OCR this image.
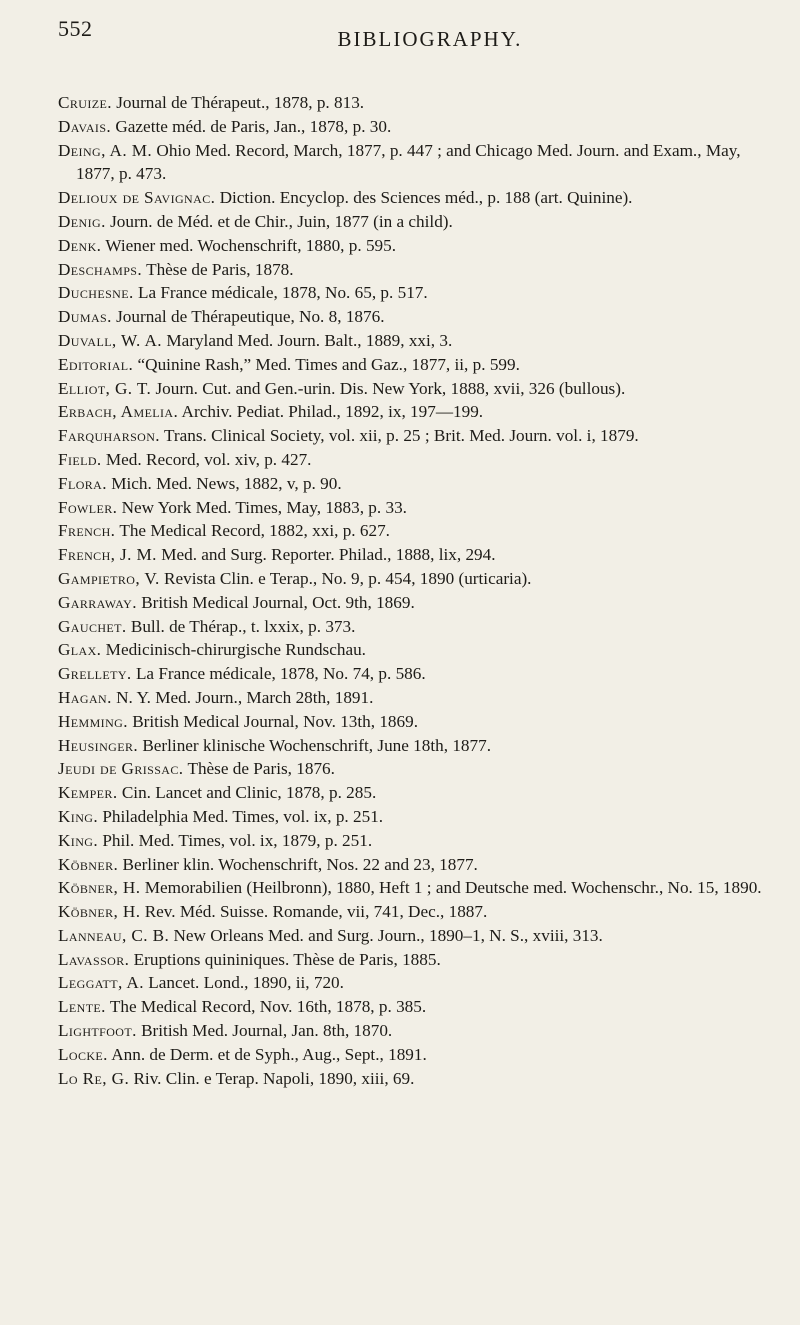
552	BIBLIOGRAPHY.
Cruize. Journal de Thérapeut., 1878, p. 813.
Davais. Gazette méd. de Paris, Jan., 1878, p. 30.
Deing, A. M. Ohio Med. Record, March, 1877, p. 447 ; and Chicago Med. Journ. and Exam., May, 1877, p. 473.
Delioux de Savignac. Diction. Encyclop. des Sciences méd., p. 188 (art. Quinine).
Denig. Journ. de Méd. et de Chir., Juin, 1877 (in a child).
Denk. Wiener med. Wochenschrift, 1880, p. 595.
Deschamps. Thèse de Paris, 1878.
Duchesne. La France médicale, 1878, No. 65, p. 517.
Dumas. Journal de Thérapeutique, No. 8, 1876.
Duvall, W. A. Maryland Med. Journ. Balt., 1889, xxi, 3.
Editorial. “Quinine Rash,” Med. Times and Gaz., 1877, ii, p. 599.
Elliot, G. T. Journ. Cut. and Gen.-urin. Dis. New York, 1888, xvii, 326 (bullous).
Erbach, Amelia. Archiv. Pediat. Philad., 1892, ix, 197—199.
Farquharson. Trans. Clinical Society, vol. xii, p. 25 ; Brit. Med. Journ. vol. i, 1879.
Field. Med. Record, vol. xiv, p. 427.
Flora. Mich. Med. News, 1882, v, p. 90.
Fowler. New York Med. Times, May, 1883, p. 33.
French. The Medical Record, 1882, xxi, p. 627.
French, J. M. Med. and Surg. Reporter. Philad., 1888, lix, 294.
Gampietro, V. Revista Clin. e Terap., No. 9, p. 454, 1890 (urticaria).
Garraway. British Medical Journal, Oct. 9th, 1869.
Gauchet. Bull. de Thérap., t. lxxix, p. 373.
Glax. Medicinisch-chirurgische Rundschau.
Grellety. La France médicale, 1878, No. 74, p. 586.
Hagan. N. Y. Med. Journ., March 28th, 1891.
Hemming. British Medical Journal, Nov. 13th, 1869.
Heusinger. Berliner klinische Wochenschrift, June 18th, 1877.
Jeudi de Grissac. Thèse de Paris, 1876.
Kemper. Cin. Lancet and Clinic, 1878, p. 285.
King. Philadelphia Med. Times, vol. ix, p. 251.
King. Phil. Med. Times, vol. ix, 1879, p. 251.
Köbner. Berliner klin. Wochenschrift, Nos. 22 and 23, 1877.
Köbner, H. Memorabilien (Heilbronn), 1880, Heft 1 ; and Deutsche med. Wochenschr., No. 15, 1890.
Köbner, H. Rev. Méd. Suisse. Romande, vii, 741, Dec., 1887.
Lanneau, C. B. New Orleans Med. and Surg. Journ., 1890–1, N. S., xviii, 313.
Lavassor. Eruptions quininiques. Thèse de Paris, 1885.
Leggatt, A. Lancet. Lond., 1890, ii, 720.
Lente. The Medical Record, Nov. 16th, 1878, p. 385.
Lightfoot. British Med. Journal, Jan. 8th, 1870.
Locke. Ann. de Derm. et de Syph., Aug., Sept., 1891.
Lo Re, G. Riv. Clin. e Terap. Napoli, 1890, xiii, 69.
